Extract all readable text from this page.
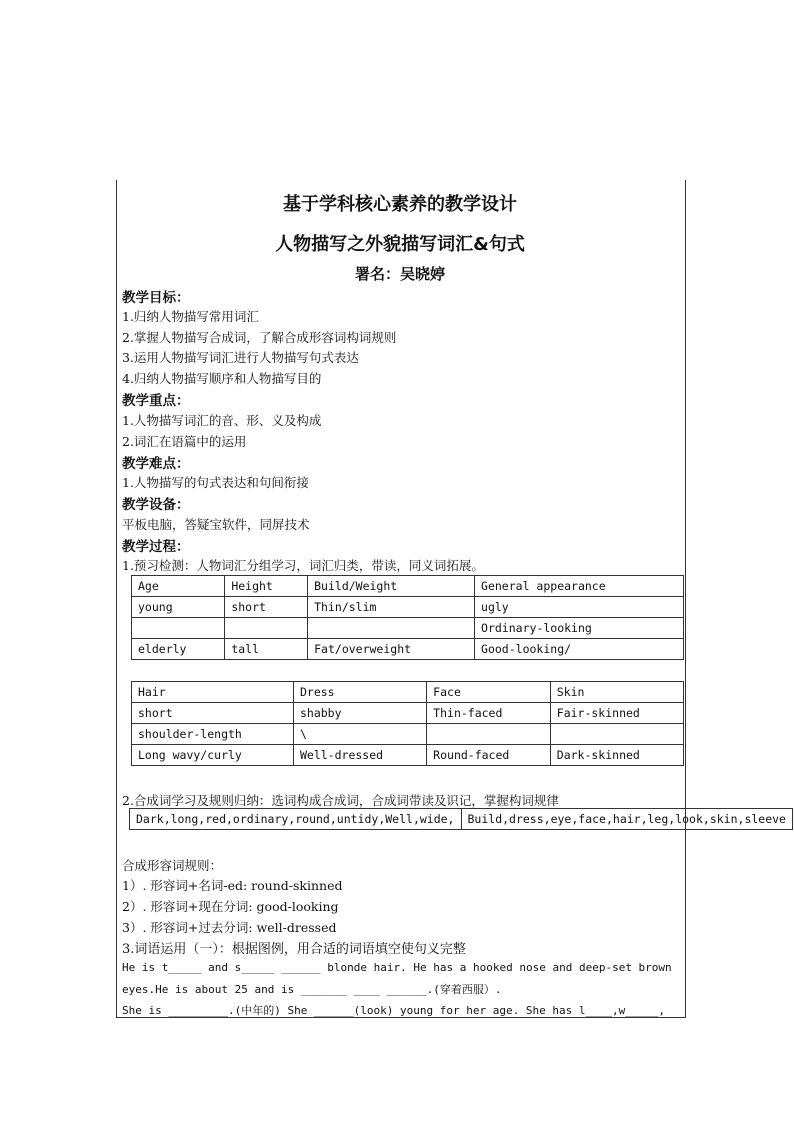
基于学科核心素养的教学设计
人物描写之外貌描写词汇&句式
署名：吴晓婷
教学目标：
1.归纳人物描写常用词汇
2.掌握人物描写合成词，了解合成形容词构词规则
3.运用人物描写词汇进行人物描写句式表达
4.归纳人物描写顺序和人物描写目的
教学重点：
1.人物描写词汇的音、形、义及构成
2.词汇在语篇中的运用
教学难点：
1.人物描写的句式表达和句间衔接
教学设备：
平板电脑，答疑宝软件，同屏技术
教学过程：
1.预习检测：人物词汇分组学习，词汇归类，带读，同义词拓展。
Age	Height	Build/Weight	General appearance
young	short	Thin/slim	ugly
			Ordinary-looking
elderly	tall	Fat/overweight	Good-looking/
Hair	Dress	Face	Skin
short	shabby	Thin-faced	Fair-skinned
shoulder-length	\		
Long wavy/curly	Well-dressed	Round-faced	Dark-skinned
2.合成词学习及规则归纳：选词构成合成词，合成词带读及识记，掌握构词规律
Dark,long,red,ordinary,round,untidy,Well,wide,	Build,dress,eye,face,hair,leg,look,skin,sleeve
合成形容词规则：
1）. 形容词+名词-ed: round-skinned
2）. 形容词+现在分词: good-looking
3）. 形容词+过去分词: well-dressed
3.词语运用（一）：根据图例，用合适的词语填空使句义完整
He is t_____ and s_____ ______ blonde hair. He has a hooked nose and deep-set brown
eyes.He is about 25 and is _______ ____ ______.(穿着西服）.
She is _________.(中年的) She ______(look) young for her age. She has l____,w_____,
